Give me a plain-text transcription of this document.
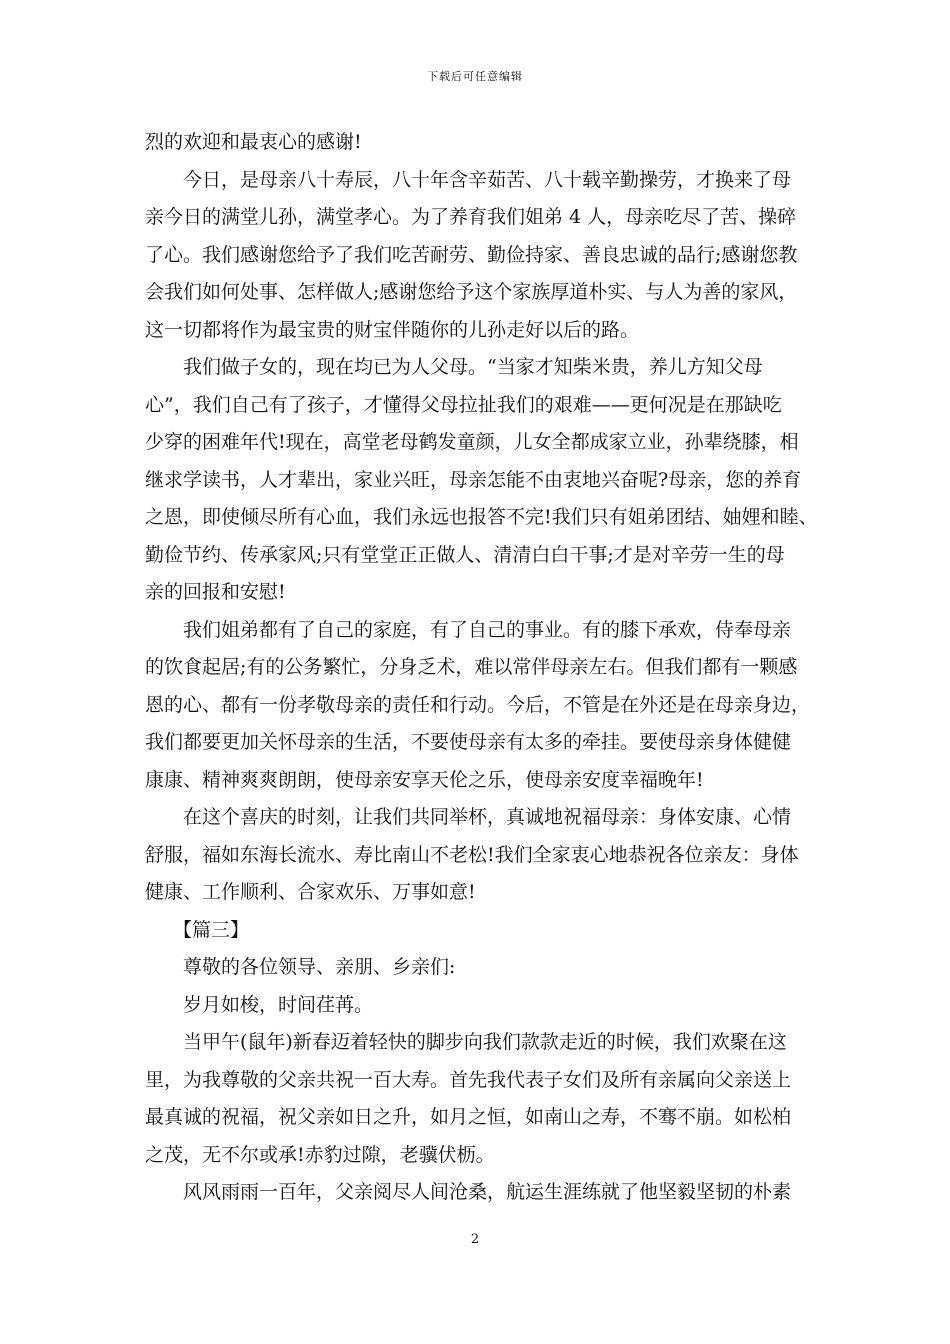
下载后可任意编辑
烈的欢迎和最衷心的感谢!
今日，是母亲八十寿辰，八十年含辛茹苦、八十载辛勤操劳，才换来了母
亲今日的满堂儿孙，满堂孝心。为了养育我们姐弟 4 人，母亲吃尽了苦、操碎
了心。我们感谢您给予了我们吃苦耐劳、勤俭持家、善良忠诚的品行;感谢您教
会我们如何处事、怎样做人;感谢您给予这个家族厚道朴实、与人为善的家风，
这一切都将作为最宝贵的财宝伴随你的儿孙走好以后的路。
我们做子女的，现在均已为人父母。“当家才知柴米贵，养儿方知父母
心”，我们自己有了孩子，才懂得父母拉扯我们的艰难——更何况是在那缺吃
少穿的困难年代!现在，高堂老母鹤发童颜，儿女全都成家立业，孙辈绕膝，相
继求学读书，人才辈出，家业兴旺，母亲怎能不由衷地兴奋呢?母亲，您的养育
之恩，即使倾尽所有心血，我们永远也报答不完!我们只有姐弟团结、妯娌和睦、
勤俭节约、传承家风;只有堂堂正正做人、清清白白干事;才是对辛劳一生的母
亲的回报和安慰!
我们姐弟都有了自己的家庭，有了自己的事业。有的膝下承欢，侍奉母亲
的饮食起居;有的公务繁忙，分身乏术，难以常伴母亲左右。但我们都有一颗感
恩的心、都有一份孝敬母亲的责任和行动。今后，不管是在外还是在母亲身边，
我们都要更加关怀母亲的生活，不要使母亲有太多的牵挂。要使母亲身体健健
康康、精神爽爽朗朗，使母亲安享天伦之乐，使母亲安度幸福晚年!
在这个喜庆的时刻，让我们共同举杯，真诚地祝福母亲：身体安康、心情
舒服，福如东海长流水、寿比南山不老松!我们全家衷心地恭祝各位亲友：身体
健康、工作顺利、合家欢乐、万事如意!
【篇三】
尊敬的各位领导、亲朋、乡亲们:
岁月如梭，时间荏苒。
当甲午(鼠年)新春迈着轻快的脚步向我们款款走近的时候，我们欢聚在这
里，为我尊敬的父亲共祝一百大寿。首先我代表子女们及所有亲属向父亲送上
最真诚的祝福，祝父亲如日之升，如月之恒，如南山之寿，不骞不崩。如松柏
之茂，无不尔或承!赤豹过隙，老骥伏枥。
风风雨雨一百年，父亲阅尽人间沧桑，航运生涯练就了他坚毅坚韧的朴素
2
